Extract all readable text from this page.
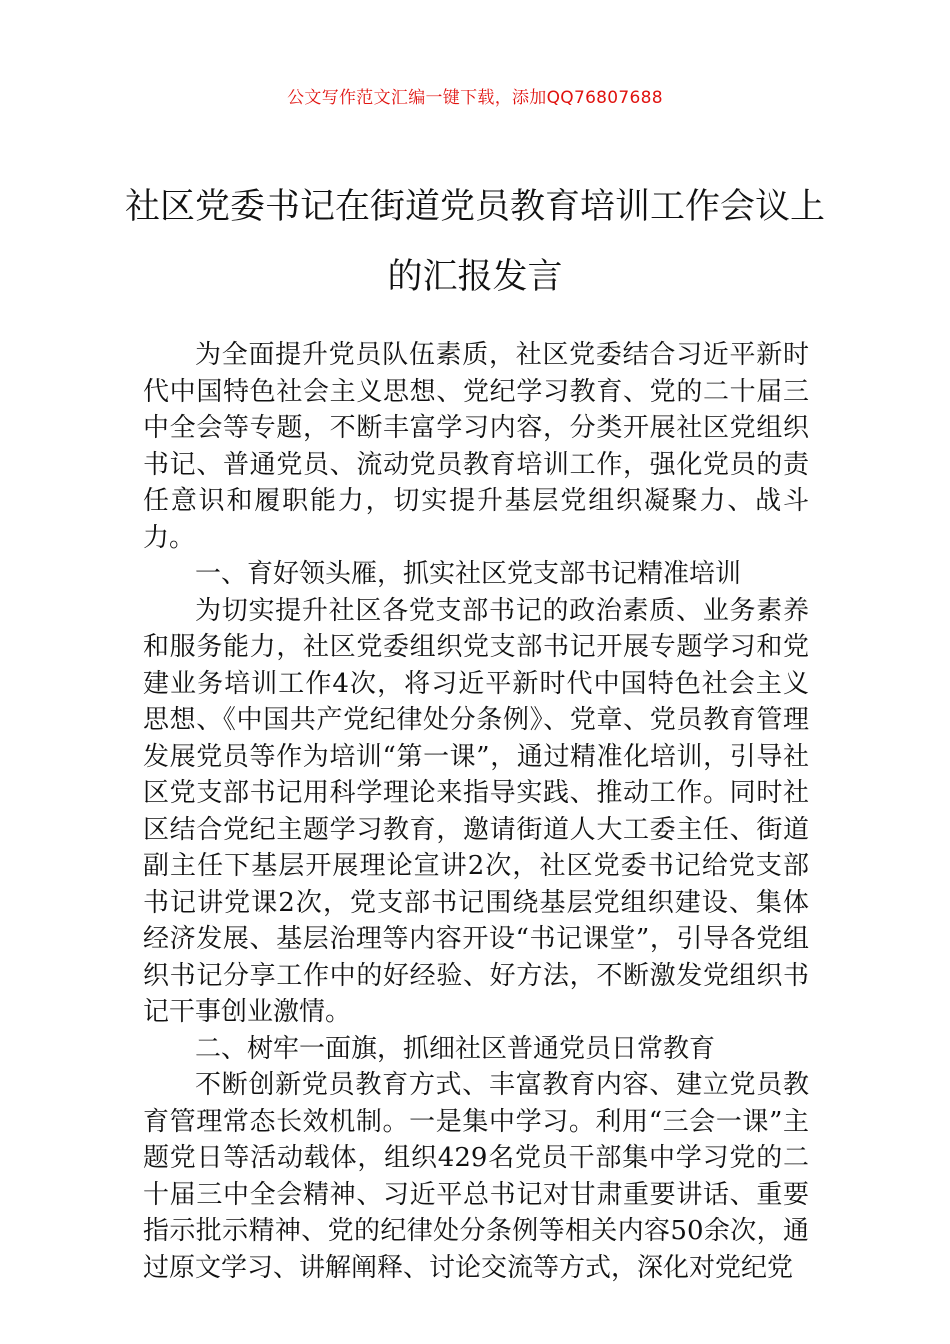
公文写作范文汇编一键下载，添加QQ76807688
社区党委书记在街道党员教育培训工作会议上的汇报发言

为全面提升党员队伍素质，社区党委结合习近平新时代中国特色社会主义思想、党纪学习教育、党的二十届三中全会等专题，不断丰富学习内容，分类开展社区党组织书记、普通党员、流动党员教育培训工作，强化党员的责任意识和履职能力，切实提升基层党组织凝聚力、战斗力。

一、育好领头雁，抓实社区党支部书记精准培训

为切实提升社区各党支部书记的政治素质、业务素养和服务能力，社区党委组织党支部书记开展专题学习和党建业务培训工作4次，将习近平新时代中国特色社会主义思想、《中国共产党纪律处分条例》、党章、党员教育管理发展党员等作为培训“第一课”，通过精准化培训，引导社区党支部书记用科学理论来指导实践、推动工作。同时社区结合党纪主题学习教育，邀请街道人大工委主任、街道副主任下基层开展理论宣讲2次，社区党委书记给党支部书记讲党课2次，党支部书记围绕基层党组织建设、集体经济发展、基层治理等内容开设“书记课堂”，引导各党组织书记分享工作中的好经验、好方法，不断激发党组织书记干事创业激情。

二、树牢一面旗，抓细社区普通党员日常教育

不断创新党员教育方式、丰富教育内容、建立党员教育管理常态长效机制。一是集中学习。利用“三会一课”主题党日等活动载体，组织429名党员干部集中学习党的二十届三中全会精神、习近平总书记对甘肃重要讲话、重要指示批示精神、党的纪律处分条例等相关内容50余次，通过原文学习、讲解阐释、讨论交流等方式，深化对党纪党
